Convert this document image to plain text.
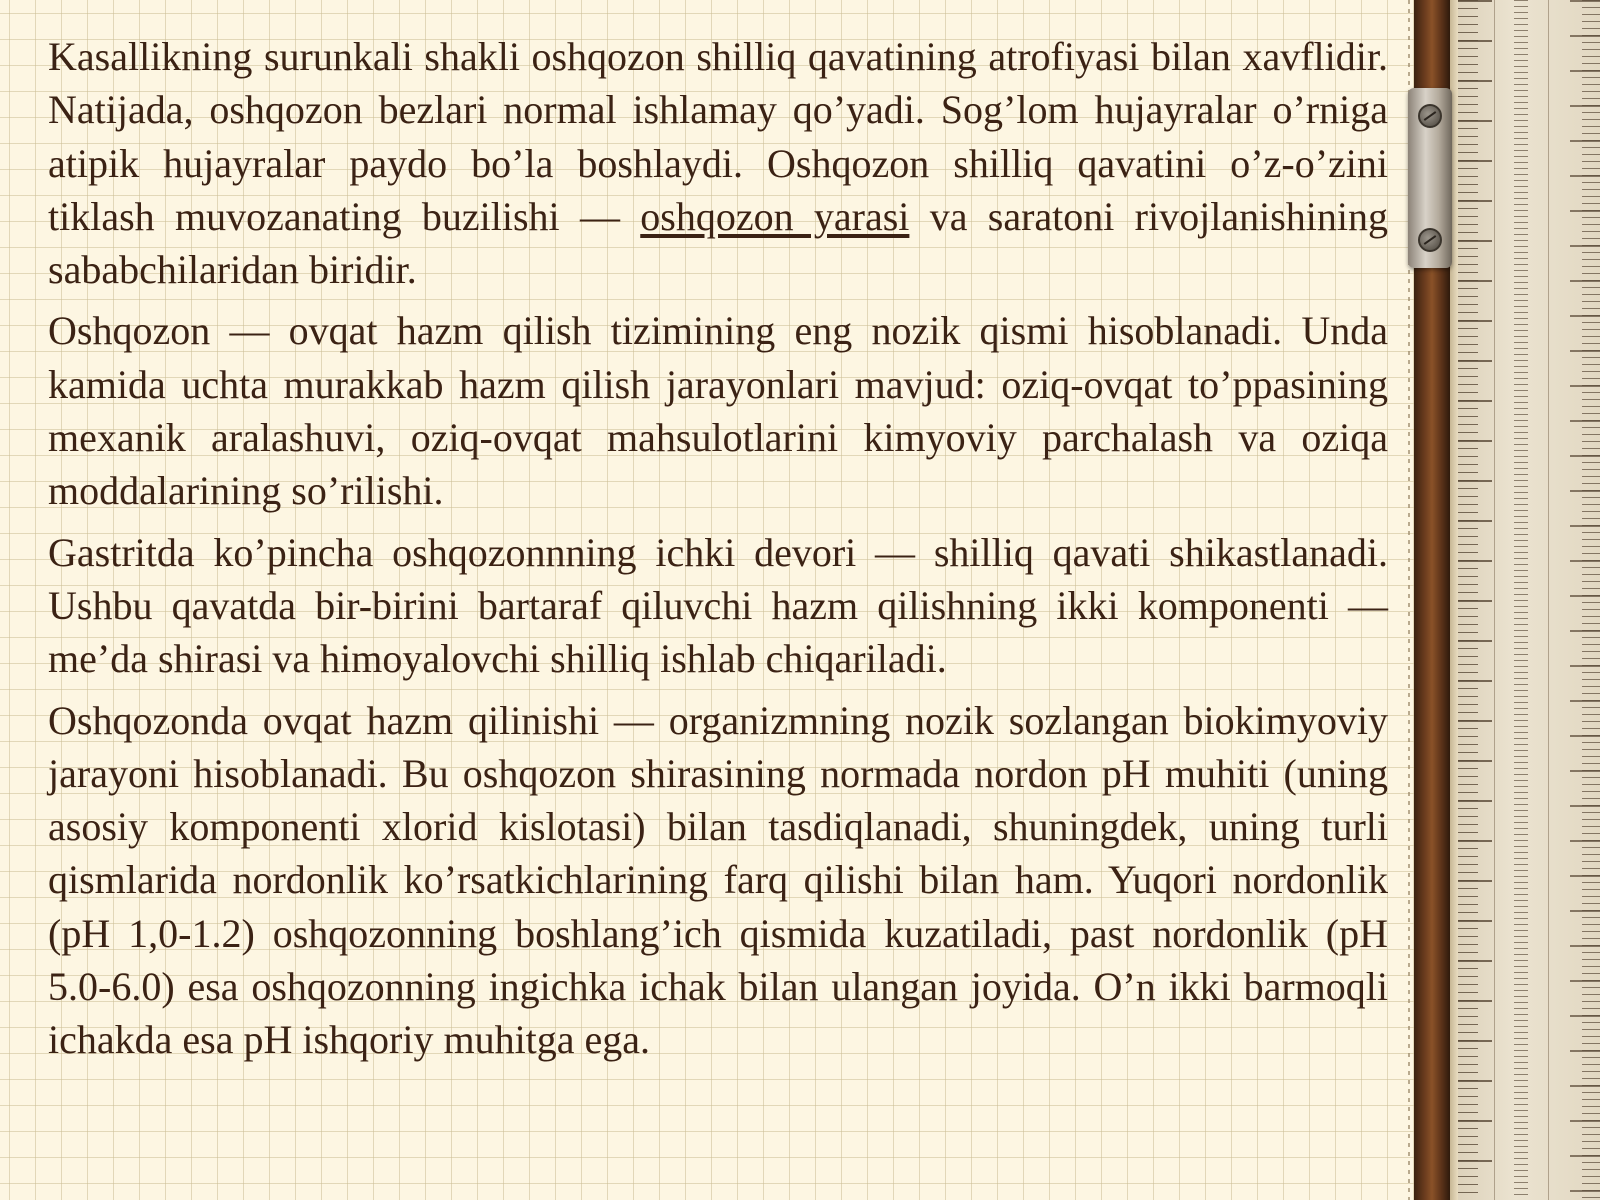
Kasallikning surunkali shakli oshqozon shilliq qavatining atrofiyasi bilan xavflidir. Natijada, oshqozon bezlari normal ishlamay qo’yadi. Sog’lom hujayralar o’rniga atipik hujayralar paydo bo’la boshlaydi. Oshqozon shilliq qavatini o’z-o’zini tiklash muvozanating buzilishi — oshqozon yarasi va saratoni rivojlanishining sababchilaridan biridir.

Oshqozon — ovqat hazm qilish tizimining eng nozik qismi hisoblanadi. Unda kamida uchta murakkab hazm qilish jarayonlari mavjud: oziq-ovqat to’ppasining mexanik aralashuvi, oziq-ovqat mahsulotlarini kimyoviy parchalash va oziqa moddalarining so’rilishi.

Gastritda ko’pincha oshqozonnning ichki devori — shilliq qavati shikastlanadi. Ushbu qavatda bir-birini bartaraf qiluvchi hazm qilishning ikki komponenti — me’da shirasi va himoyalovchi shilliq ishlab chiqariladi.

Oshqozonda ovqat hazm qilinishi — organizmning nozik sozlangan biokimyoviy jarayoni hisoblanadi. Bu oshqozon shirasining normada nordon pH muhiti (uning asosiy komponenti xlorid kislotasi) bilan tasdiqlanadi, shuningdek, uning turli qismlarida nordonlik ko’rsatkichlarining farq qilishi bilan ham. Yuqori nordonlik (pH 1,0-1.2) oshqozonning boshlang’ich qismida kuzatiladi, past nordonlik (pH 5.0-6.0) esa oshqozonning ingichka ichak bilan ulangan joyida. O’n ikki barmoqli ichakda esa pH ishqoriy muhitga ega.
